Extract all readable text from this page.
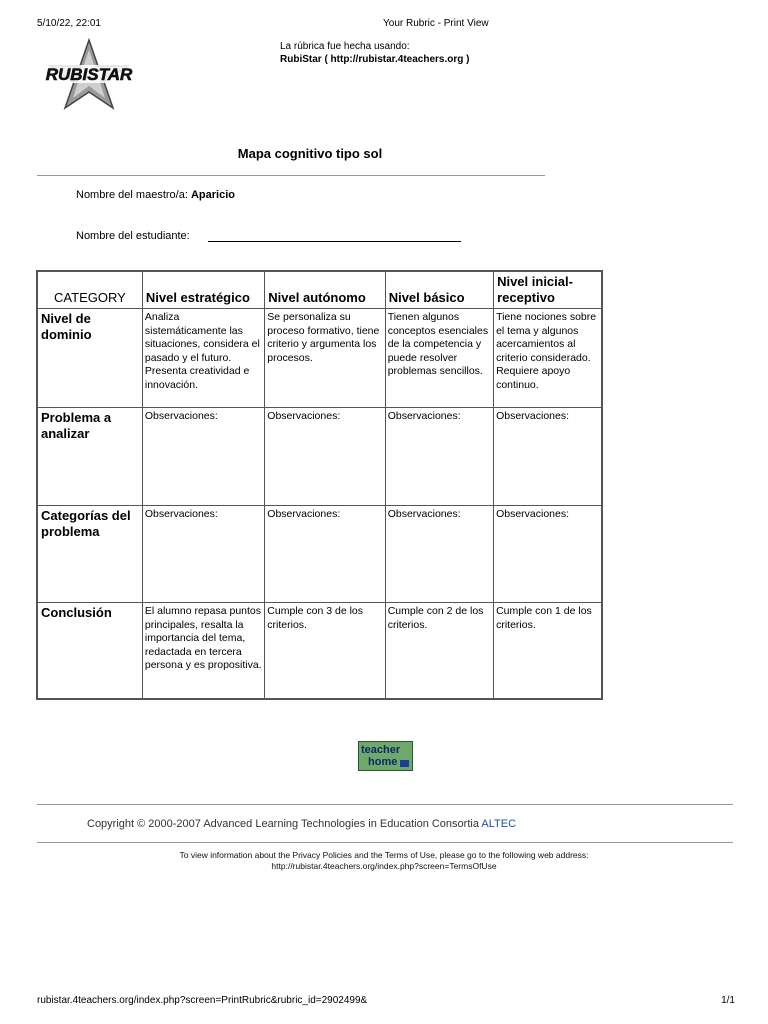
5/10/22, 22:01	Your Rubric - Print View
RUBISTAR
La rúbrica fue hecha usando:
RubiStar ( http://rubistar.4teachers.org )
Mapa cognitivo tipo sol
Nombre del maestro/a: Aparicio
Nombre del estudiante:
CATEGORY	Nivel estratégico	Nivel autónomo	Nivel básico	Nivel inicial-receptivo
Nivel de dominio	Analiza sistemáticamente las situaciones, considera el pasado y el futuro. Presenta creatividad e innovación.	Se personaliza su proceso formativo, tiene criterio y argumenta los procesos.	Tienen algunos conceptos esenciales de la competencia y puede resolver problemas sencillos.	Tiene nociones sobre el tema y algunos acercamientos al criterio considerado. Requiere apoyo continuo.
Problema a analizar	Observaciones:	Observaciones:	Observaciones:	Observaciones:
Categorías del problema	Observaciones:	Observaciones:	Observaciones:	Observaciones:
Conclusión	El alumno repasa puntos principales, resalta la importancia del tema, redactada en tercera persona y es propositiva.	Cumple con 3 de los criterios.	Cumple con 2 de los criterios.	Cumple con 1 de los criterios.
teacher
home
Copyright © 2000-2007 Advanced Learning Technologies in Education Consortia ALTEC
To view information about the Privacy Policies and the Terms of Use, please go to the following web address:
http://rubistar.4teachers.org/index.php?screen=TermsOfUse
rubistar.4teachers.org/index.php?screen=PrintRubric&rubric_id=2902499&	1/1
